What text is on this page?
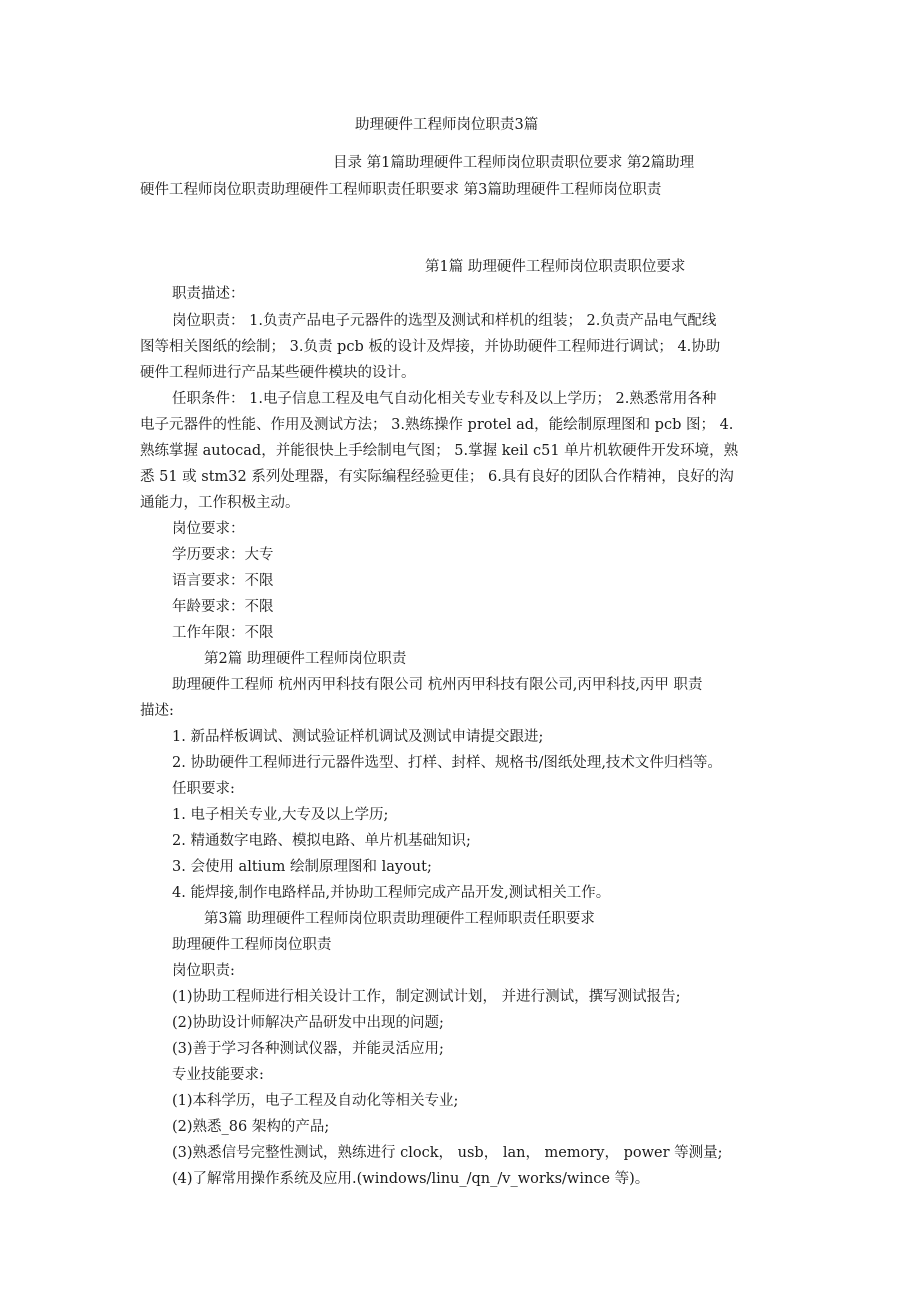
助理硬件工程师岗位职责3篇

目录 第1篇助理硬件工程师岗位职责职位要求 第2篇助理

硬件工程师岗位职责助理硬件工程师职责任职要求 第3篇助理硬件工程师岗位职责

第1篇 助理硬件工程师岗位职责职位要求

职责描述：

岗位职责： 1.负责产品电子元器件的选型及测试和样机的组装； 2.负责产品电气配线

图等相关图纸的绘制； 3.负责 pcb 板的设计及焊接，并协助硬件工程师进行调试； 4.协助

硬件工程师进行产品某些硬件模块的设计。

任职条件： 1.电子信息工程及电气自动化相关专业专科及以上学历； 2.熟悉常用各种

电子元器件的性能、作用及测试方法； 3.熟练操作 protel ad，能绘制原理图和 pcb 图； 4.

熟练掌握 autocad，并能很快上手绘制电气图； 5.掌握 keil c51 单片机软硬件开发环境，熟

悉 51 或 stm32 系列处理器，有实际编程经验更佳； 6.具有良好的团队合作精神，良好的沟

通能力，工作积极主动。

岗位要求：

学历要求：大专

语言要求：不限

年龄要求：不限

工作年限：不限

第2篇 助理硬件工程师岗位职责

助理硬件工程师 杭州丙甲科技有限公司 杭州丙甲科技有限公司,丙甲科技,丙甲 职责

描述:

1. 新品样板调试、测试验证样机调试及测试申请提交跟进;

2. 协助硬件工程师进行元器件选型、打样、封样、规格书/图纸处理,技术文件归档等。

任职要求:

1. 电子相关专业,大专及以上学历;

2. 精通数字电路、模拟电路、单片机基础知识;

3. 会使用 altium 绘制原理图和 layout;

4. 能焊接,制作电路样品,并协助工程师完成产品开发,测试相关工作。

第3篇 助理硬件工程师岗位职责助理硬件工程师职责任职要求

助理硬件工程师岗位职责

岗位职责:

(1)协助工程师进行相关设计工作，制定测试计划， 并进行测试，撰写测试报告;

(2)协助设计师解决产品研发中出现的问题;

(3)善于学习各种测试仪器，并能灵活应用;

专业技能要求:

(1)本科学历，电子工程及自动化等相关专业;

(2)熟悉_86 架构的产品;

(3)熟悉信号完整性测试，熟练进行 clock， usb， lan， memory， power 等测量;

(4)了解常用操作系统及应用.(windows/linu_/qn_/v_works/wince 等)。
